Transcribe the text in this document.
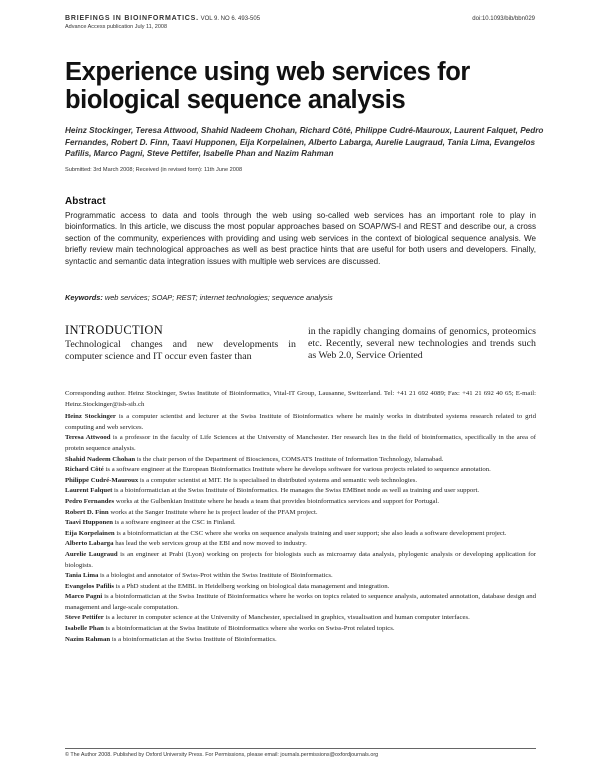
BRIEFINGS IN BIOINFORMATICS. VOL 9. NO 6. 493-505	doi:10.1093/bib/bbn029
Advance Access publication July 11, 2008
Experience using web services for biological sequence analysis
Heinz Stockinger, Teresa Attwood, Shahid Nadeem Chohan, Richard Côté, Philippe Cudré-Mauroux, Laurent Falquet, Pedro Fernandes, Robert D. Finn, Taavi Hupponen, Eija Korpelainen, Alberto Labarga, Aurelie Laugraud, Tania Lima, Evangelos Pafilis, Marco Pagni, Steve Pettifer, Isabelle Phan and Nazim Rahman
Submitted: 3rd March 2008; Received (in revised form): 11th June 2008
Abstract
Programmatic access to data and tools through the web using so-called web services has an important role to play in bioinformatics. In this article, we discuss the most popular approaches based on SOAP/WS-I and REST and describe our, a cross section of the community, experiences with providing and using web services in the context of biological sequence analysis. We briefly review main technological approaches as well as best practice hints that are useful for both users and developers. Finally, syntactic and semantic data integration issues with multiple web services are discussed.
Keywords: web services; SOAP; REST; internet technologies; sequence analysis
INTRODUCTION
Technological changes and new developments in computer science and IT occur even faster than
in the rapidly changing domains of genomics, proteomics etc. Recently, several new technologies and trends such as Web 2.0, Service Oriented

Corresponding author. Heinz Stockinger, Swiss Institute of Bioinformatics, Vital-IT Group, Lausanne, Switzerland. Tel: +41 21 692 4089; Fax: +41 21 692 40 65; E-mail: Heinz.Stockinger@isb-sib.ch

Heinz Stockinger is a computer scientist and lecturer at the Swiss Institute of Bioinformatics where he mainly works in distributed systems research related to grid computing and web services.

Teresa Attwood is a professor in the faculty of Life Sciences at the University of Manchester. Her research lies in the field of bioinformatics, specifically in the area of protein sequence analysis.

Shahid Nadeem Chohan is the chair person of the Department of Biosciences, COMSATS Institute of Information Technology, Islamabad.

Richard Côté is a software engineer at the European Bioinformatics Institute where he develops software for various projects related to sequence annotation.

Philippe Cudré-Mauroux is a computer scientist at MIT. He is specialised in distributed systems and semantic web technologies.

Laurent Falquet is a bioinformatician at the Swiss Institute of Bioinformatics. He manages the Swiss EMBnet node as well as training and user support.

Pedro Fernandes works at the Gulbenkian Institute where he heads a team that provides bioinformatics services and support for Portugal.

Robert D. Finn works at the Sanger Institute where he is project leader of the PFAM project.

Taavi Hupponen is a software engineer at the CSC in Finland.

Eija Korpelainen is a bioinformatician at the CSC where she works on sequence analysis training and user support; she also leads a software development project.

Alberto Labarga has lead the web services group at the EBI and now moved to industry.

Aurelie Laugraud is an engineer at Prabi (Lyon) working on projects for biologists such as microarray data analysis, phylogenic analysis or developing application for biologists.

Tania Lima is a biologist and annotator of Swiss-Prot within the Swiss Institute of Bioinformatics.

Evangelos Pafilis is a PhD student at the EMBL in Heidelberg working on biological data management and integration.

Marco Pagni is a bioinformatician at the Swiss Institute of Bioinformatics where he works on topics related to sequence analysis, automated annotation, database design and management and large-scale computation.

Steve Pettifer is a lecturer in computer science at the University of Manchester, specialised in graphics, visualisation and human computer interfaces.

Isabelle Phan is a bioinformatician at the Swiss Institute of Bioinformatics where she works on Swiss-Prot related topics.

Nazim Rahman is a bioinformatician at the Swiss Institute of Bioinformatics.

© The Author 2008. Published by Oxford University Press. For Permissions, please email: journals.permissions@oxfordjournals.org
